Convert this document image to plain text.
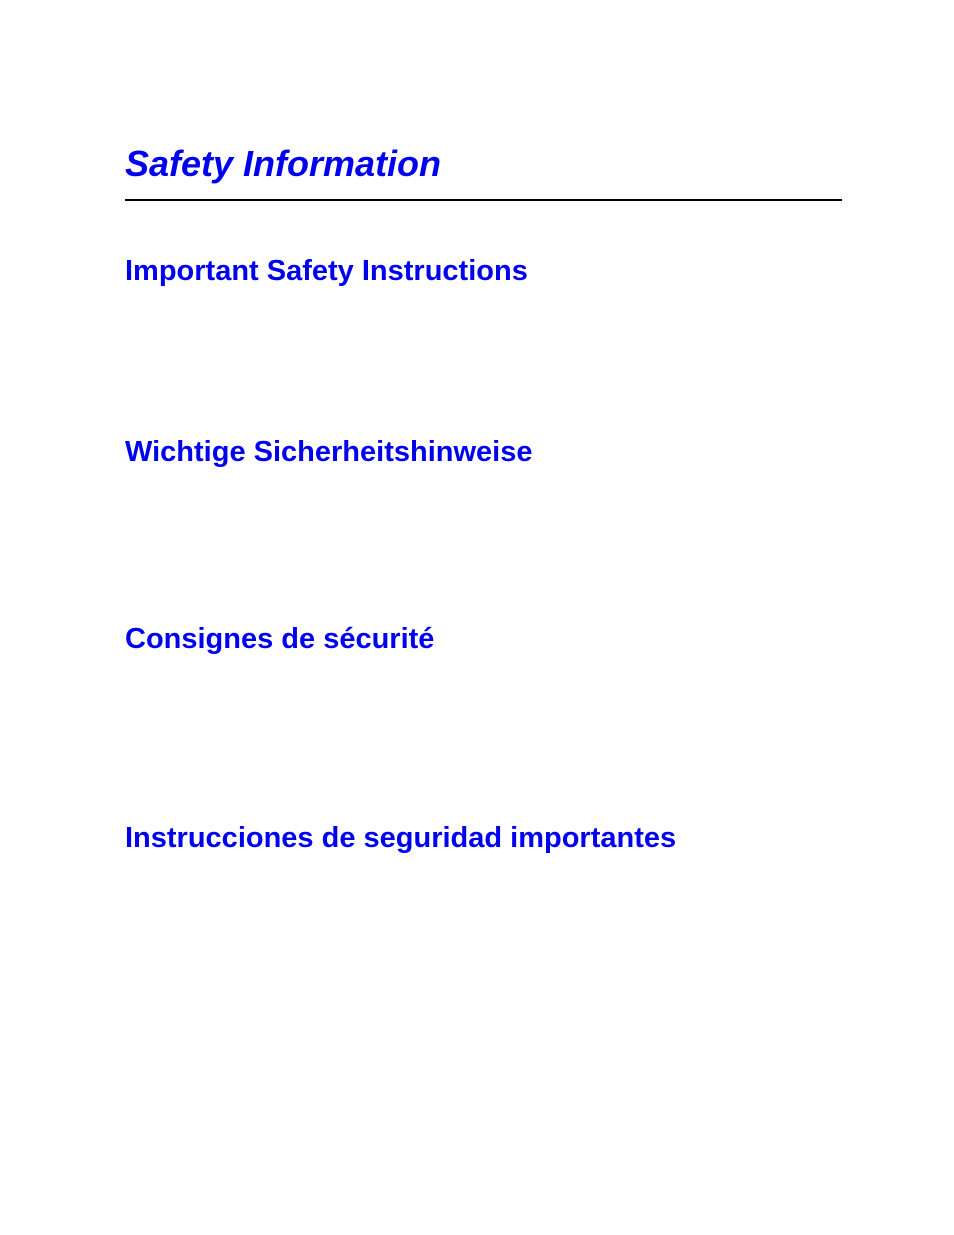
Safety Information
Important Safety Instructions
Wichtige Sicherheitshinweise
Consignes de sécurité
Instrucciones de seguridad importantes
